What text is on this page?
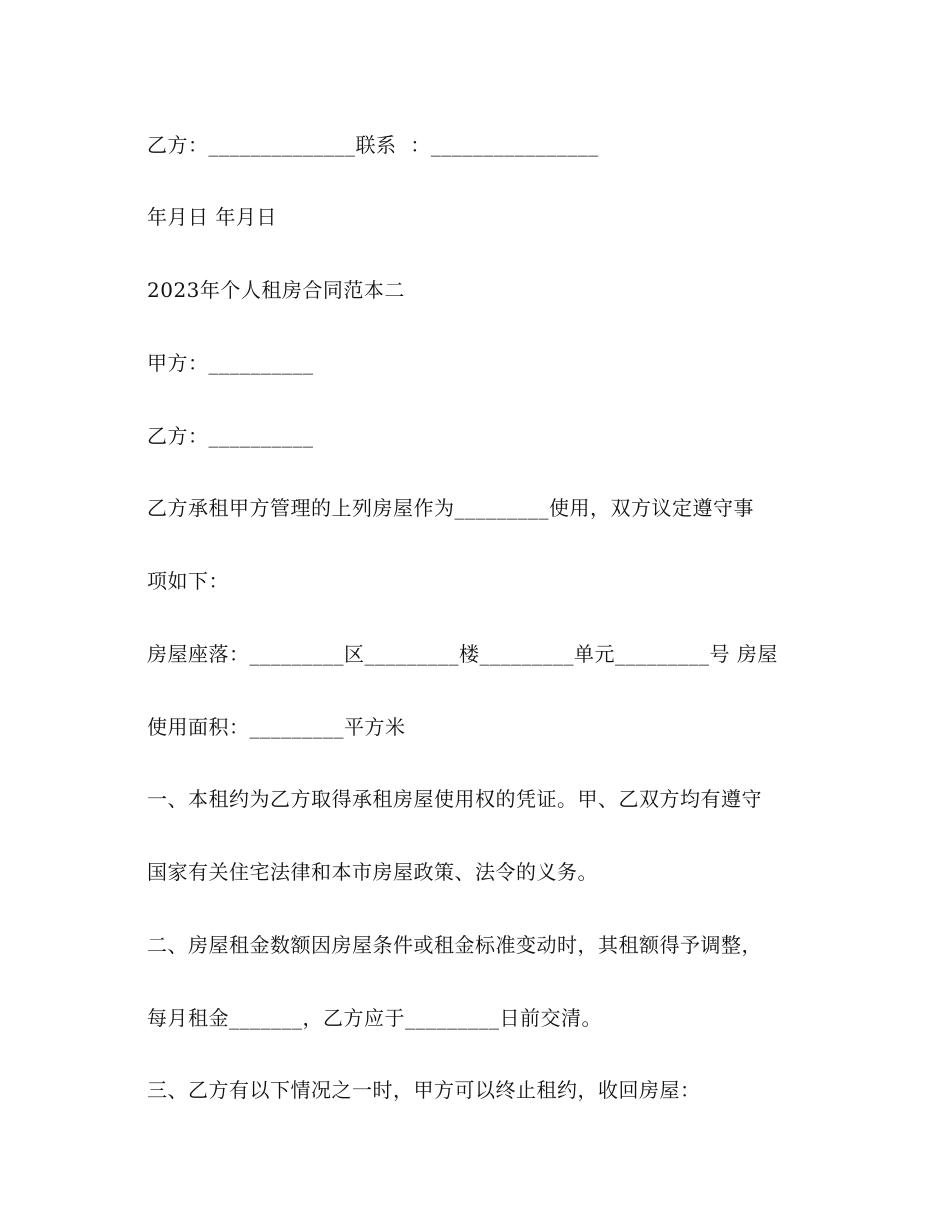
乙方：______________联系  ：________________
年月日 年月日
2023年个人租房合同范本二
甲方：__________
乙方：__________
乙方承租甲方管理的上列房屋作为_________使用，双方议定遵守事
项如下：
房屋座落：_________区_________楼_________单元_________号 房屋
使用面积：_________平方米
一、本租约为乙方取得承租房屋使用权的凭证。甲、乙双方均有遵守
国家有关住宅法律和本市房屋政策、法令的义务。
二、房屋租金数额因房屋条件或租金标准变动时，其租额得予调整，
每月租金_______，乙方应于_________日前交清。
三、乙方有以下情况之一时，甲方可以终止租约，收回房屋：
